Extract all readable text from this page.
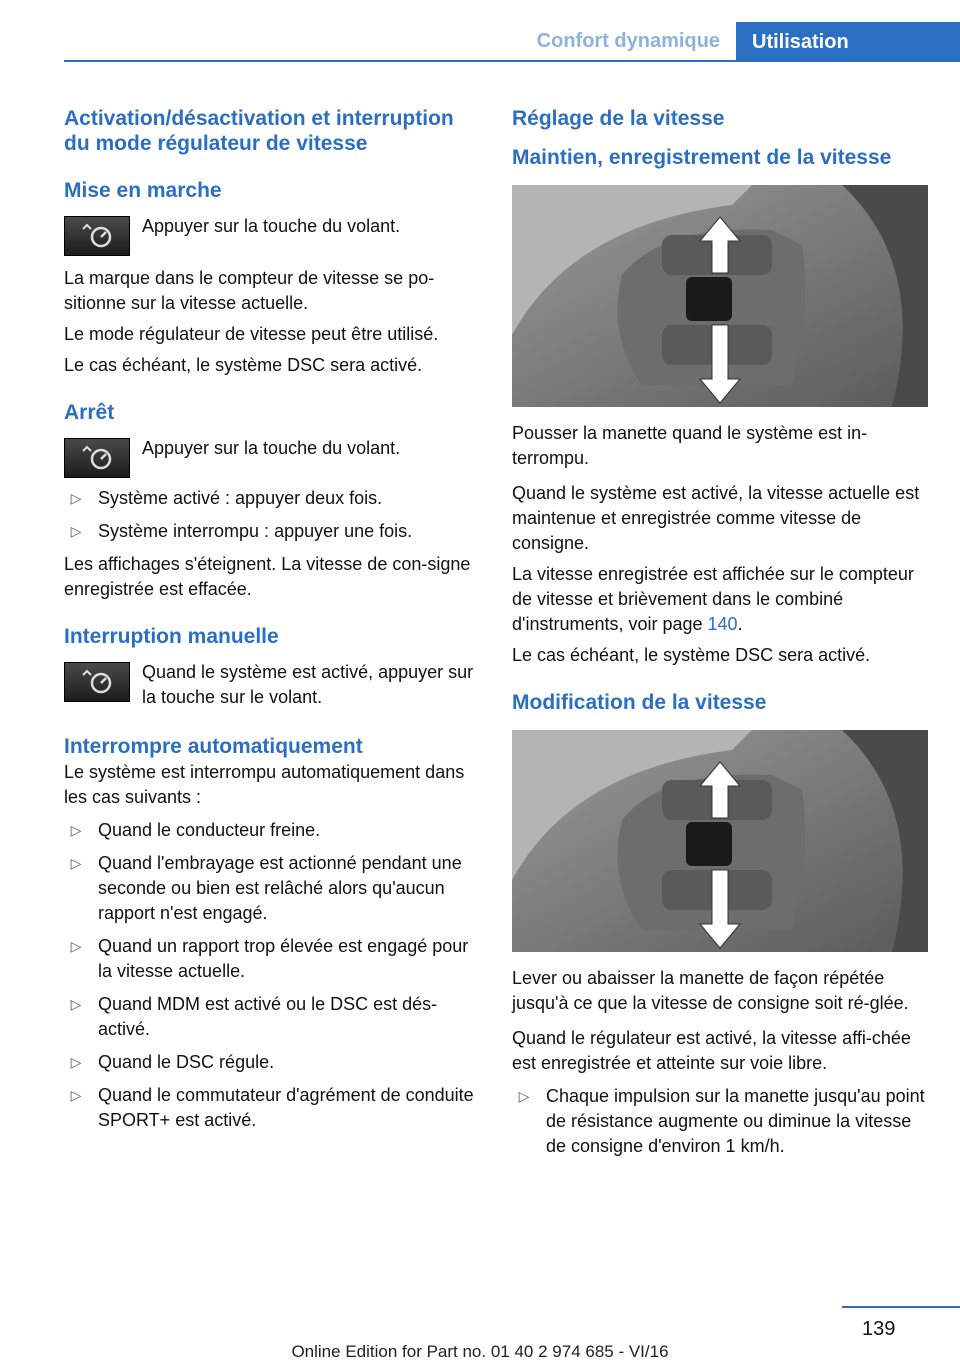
Confort dynamique	Utilisation
Activation/désactivation et interruption du mode régulateur de vitesse
Mise en marche

Appuyer sur la touche du volant.

La marque dans le compteur de vitesse se po-sitionne sur la vitesse actuelle.

Le mode régulateur de vitesse peut être utilisé.

Le cas échéant, le système DSC sera activé.

Arrêt

Appuyer sur la touche du volant.

▷ Système activé : appuyer deux fois.
▷ Système interrompu : appuyer une fois.

Les affichages s'éteignent. La vitesse de con-signe enregistrée est effacée.

Interruption manuelle

Quand le système est activé, appuyer sur la touche sur le volant.

Interrompre automatiquement

Le système est interrompu automatiquement dans les cas suivants :

▷ Quand le conducteur freine.
▷ Quand l'embrayage est actionné pendant une seconde ou bien est relâché alors qu'aucun rapport n'est engagé.
▷ Quand un rapport trop élevée est engagé pour la vitesse actuelle.
▷ Quand MDM est activé ou le DSC est dés-activé.
▷ Quand le DSC régule.
▷ Quand le commutateur d'agrément de conduite SPORT+ est activé.
Réglage de la vitesse
Maintien, enregistrement de la vitesse

Pousser la manette quand le système est in-terrompu.

Quand le système est activé, la vitesse actuelle est maintenue et enregistrée comme vitesse de consigne.

La vitesse enregistrée est affichée sur le compteur de vitesse et brièvement dans le combiné d'instruments, voir page 140.

Le cas échéant, le système DSC sera activé.

Modification de la vitesse

Lever ou abaisser la manette de façon répétée jusqu'à ce que la vitesse de consigne soit ré-glée.

Quand le régulateur est activé, la vitesse affi-chée est enregistrée et atteinte sur voie libre.

▷ Chaque impulsion sur la manette jusqu'au point de résistance augmente ou diminue la vitesse de consigne d'environ 1 km/h.
139
Online Edition for Part no. 01 40 2 974 685 - VI/16
